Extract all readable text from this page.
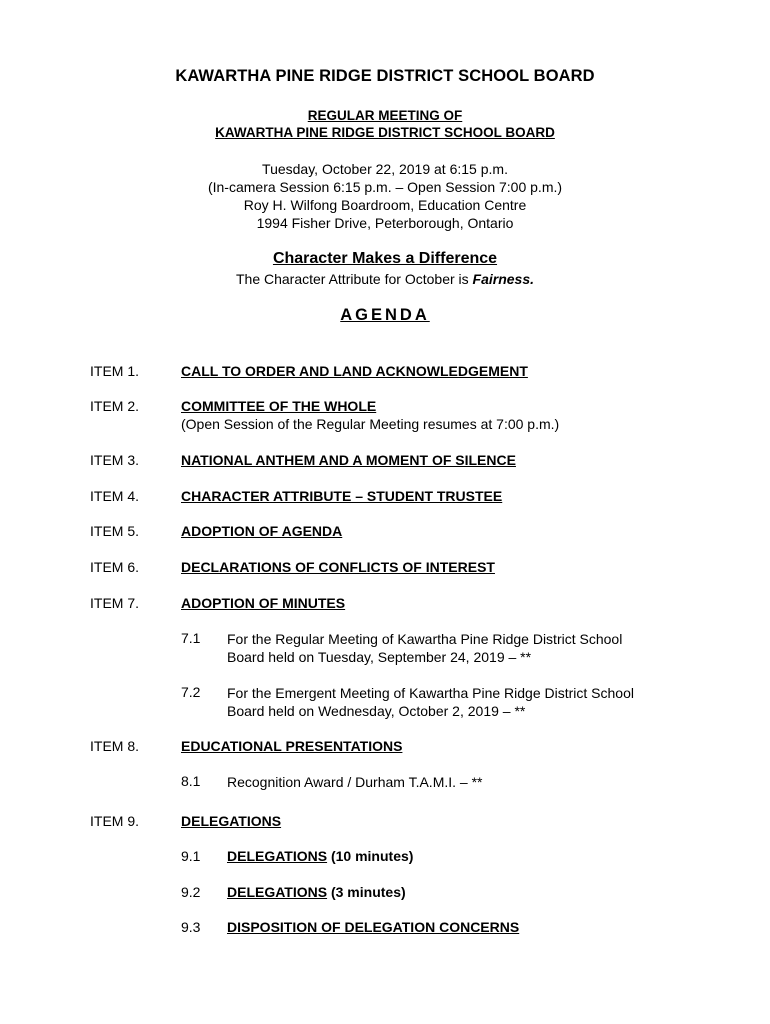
KAWARTHA PINE RIDGE DISTRICT SCHOOL BOARD
REGULAR MEETING OF
KAWARTHA PINE RIDGE DISTRICT SCHOOL BOARD
Tuesday, October 22, 2019 at 6:15 p.m.
(In-camera Session 6:15 p.m. – Open Session 7:00 p.m.)
Roy H. Wilfong Boardroom, Education Centre
1994 Fisher Drive, Peterborough, Ontario
Character Makes a Difference
The Character Attribute for October is Fairness.
AGENDA
ITEM 1.	CALL TO ORDER AND LAND ACKNOWLEDGEMENT
ITEM 2.	COMMITTEE OF THE WHOLE
(Open Session of the Regular Meeting resumes at 7:00 p.m.)
ITEM 3.	NATIONAL ANTHEM AND A MOMENT OF SILENCE
ITEM 4.	CHARACTER ATTRIBUTE – STUDENT TRUSTEE
ITEM 5.	ADOPTION OF AGENDA
ITEM 6.	DECLARATIONS OF CONFLICTS OF INTEREST
ITEM 7.	ADOPTION OF MINUTES
7.1 For the Regular Meeting of Kawartha Pine Ridge District School
Board held on Tuesday, September 24, 2019 – **
7.2 For the Emergent Meeting of Kawartha Pine Ridge District School
Board held on Wednesday, October 2, 2019 – **
ITEM 8.	EDUCATIONAL PRESENTATIONS
8.1 Recognition Award / Durham T.A.M.I. – **
ITEM 9.	DELEGATIONS
9.1 DELEGATIONS (10 minutes)
9.2 DELEGATIONS (3 minutes)
9.3 DISPOSITION OF DELEGATION CONCERNS
